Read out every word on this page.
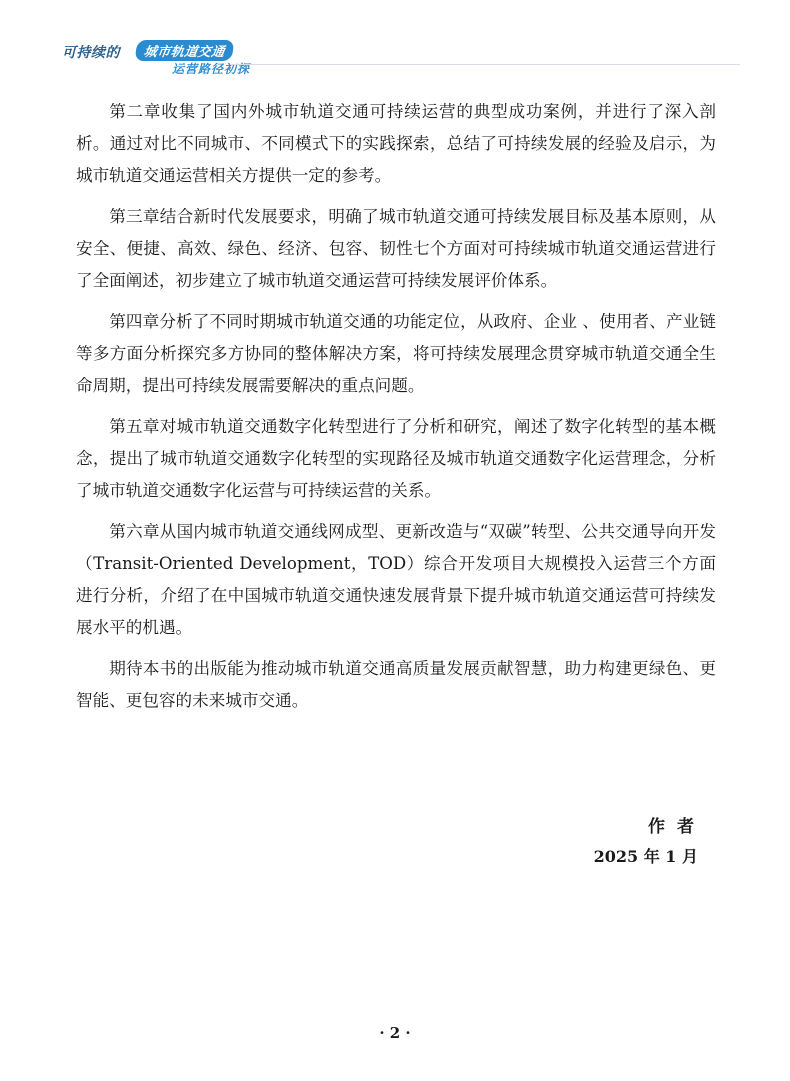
可持续的	城市轨道交通
运营路径初探

第二章收集了国内外城市轨道交通可持续运营的典型成功案例，并进行了深入剖析。通过对比不同城市、不同模式下的实践探索，总结了可持续发展的经验及启示，为城市轨道交通运营相关方提供一定的参考。

第三章结合新时代发展要求，明确了城市轨道交通可持续发展目标及基本原则，从安全、便捷、高效、绿色、经济、包容、韧性七个方面对可持续城市轨道交通运营进行了全面阐述，初步建立了城市轨道交通运营可持续发展评价体系。

第四章分析了不同时期城市轨道交通的功能定位，从政府、企业 、使用者、产业链等多方面分析探究多方协同的整体解决方案，将可持续发展理念贯穿城市轨道交通全生命周期，提出可持续发展需要解决的重点问题。

第五章对城市轨道交通数字化转型进行了分析和研究，阐述了数字化转型的基本概念，提出了城市轨道交通数字化转型的实现路径及城市轨道交通数字化运营理念，分析了城市轨道交通数字化运营与可持续运营的关系。

第六章从国内城市轨道交通线网成型、更新改造与“双碳”转型、公共交通导向开发（Transit-Oriented Development，TOD）综合开发项目大规模投入运营三个方面进行分析，介绍了在中国城市轨道交通快速发展背景下提升城市轨道交通运营可持续发展水平的机遇。

期待本书的出版能为推动城市轨道交通高质量发展贡献智慧，助力构建更绿色、更智能、更包容的未来城市交通。

作者
2025 年 1 月
· 2 ·
